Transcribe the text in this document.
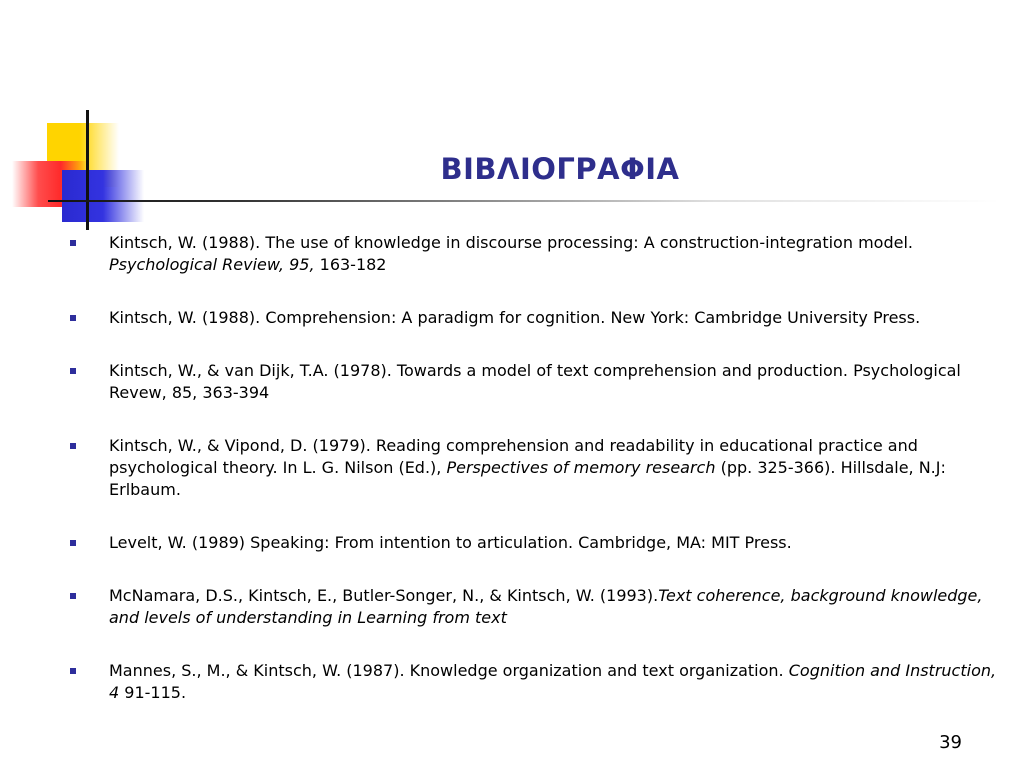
ΒΙΒΛΙΟΓΡΑΦΙΑ
Kintsch, W. (1988). The use of knowledge in discourse processing: A construction-integration model. Psychological Review, 95, 163-182
Kintsch, W. (1988). Comprehension: A paradigm for cognition. New York: Cambridge University Press.
Kintsch, W., & van Dijk, T.A. (1978). Towards a model of text comprehension and production. Psychological Revew, 85, 363-394
Kintsch, W., & Vipond, D. (1979). Reading comprehension and readability in educational practice and psychological theory. In L. G. Nilson (Ed.), Perspectives of memory research (pp. 325-366). Hillsdale, N.J: Erlbaum.
Levelt, W. (1989) Speaking: From intention to articulation. Cambridge, MA: MIT Press.
McNamara, D.S., Kintsch, E., Butler-Songer, N., & Kintsch, W. (1993).Text coherence, background knowledge, and levels of understanding in Learning from text
Mannes, S., M., & Kintsch, W. (1987). Knowledge organization and text organization. Cognition and Instruction, 4 91-115.
39
